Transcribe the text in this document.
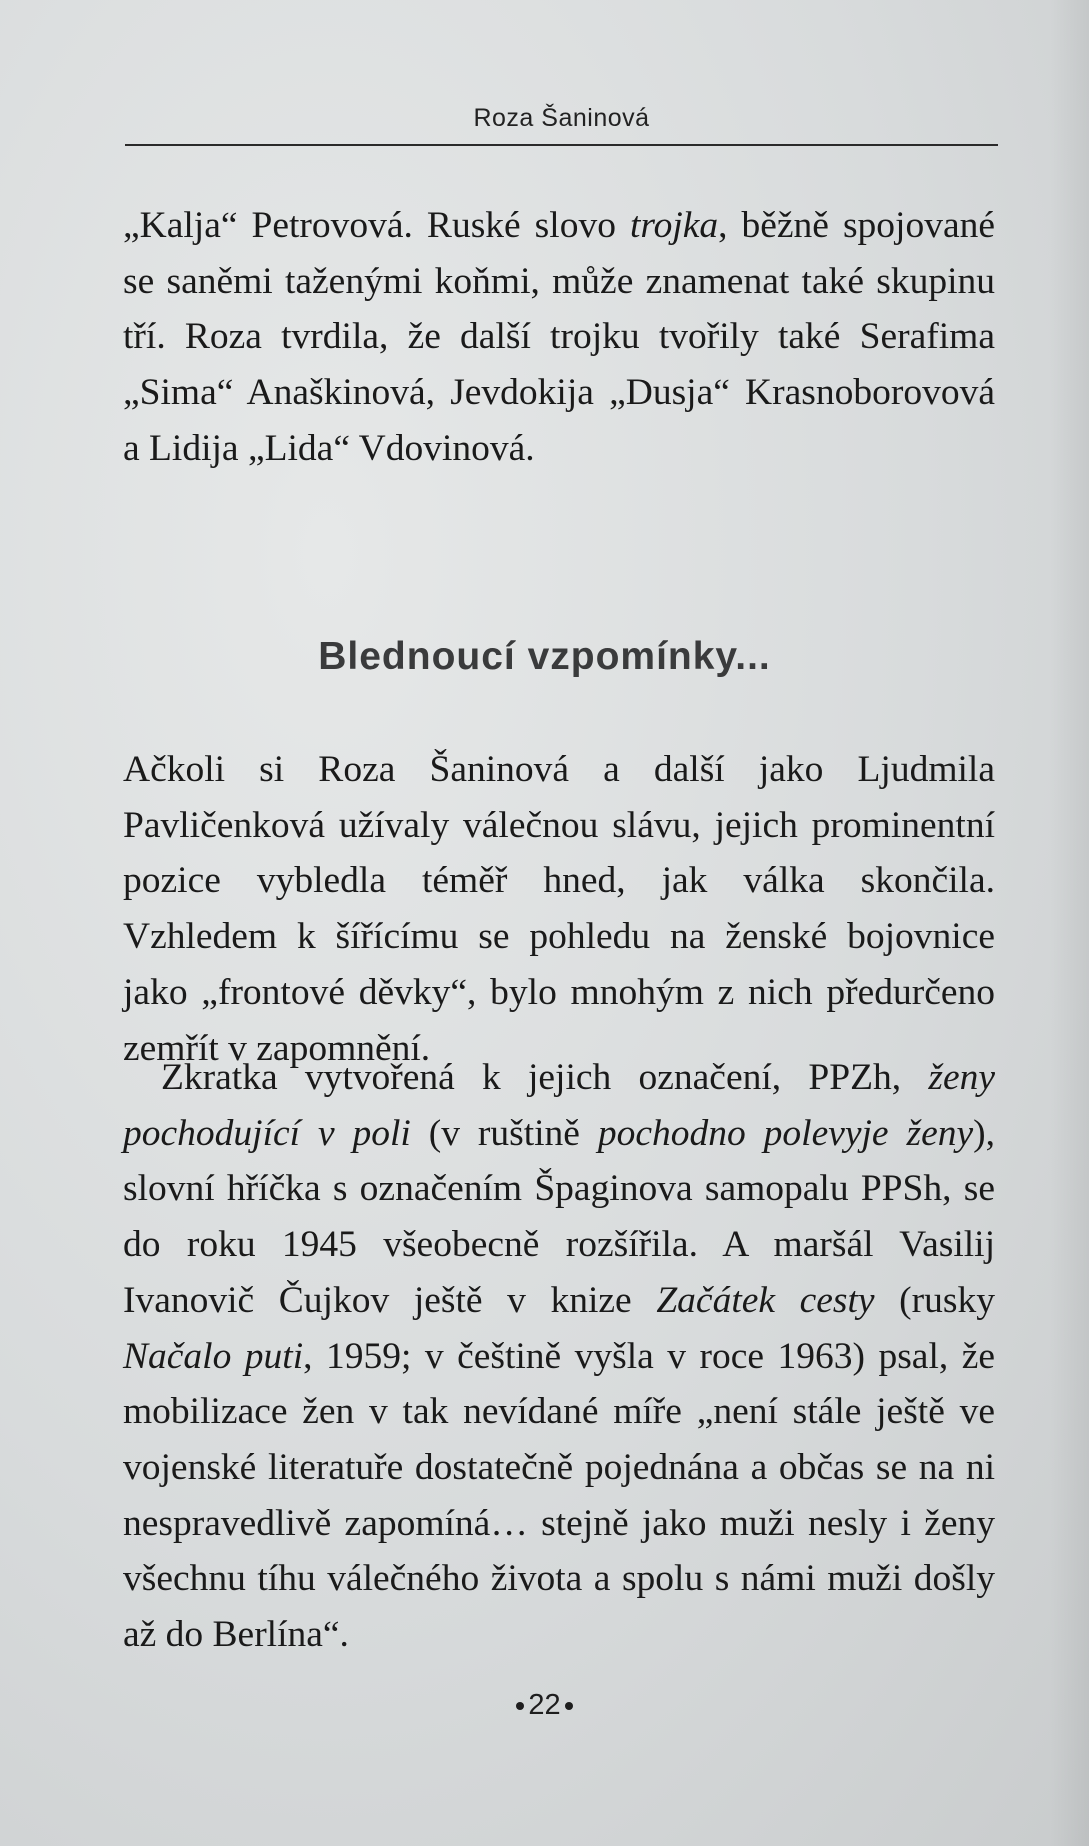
Roza Šaninová

„Kalja“ Petrovová. Ruské slovo trojka, běžně spojované se saněmi taženými koňmi, může znamenat také skupinu tří. Roza tvrdila, že další trojku tvořily také Serafima „Sima“ Anaškinová, Jevdokija „Dusja“ Krasnoborovová a Lidija „Lida“ Vdovinová.

Blednoucí vzpomínky...

Ačkoli si Roza Šaninová a další jako Ljudmila Pavličenková užívaly válečnou slávu, jejich prominentní pozice vybledla téměř hned, jak válka skončila. Vzhledem k šířícímu se pohledu na ženské bojovnice jako „frontové děvky“, bylo mnohým z nich předurčeno zemřít v zapomnění.

Zkratka vytvořená k jejich označení, PPZh, ženy pochodující v poli (v ruštině pochodno polevyje ženy), slovní hříčka s označením Špaginova samopalu PPSh, se do roku 1945 všeobecně rozšířila. A maršál Vasilij Ivanovič Čujkov ještě v knize Začátek cesty (rusky Načalo puti, 1959; v češtině vyšla v roce 1963) psal, že mobilizace žen v tak nevídané míře „není stále ještě ve vojenské literatuře dostatečně pojednána a občas se na ni nespravedlivě zapomíná… stejně jako muži nesly i ženy všechnu tíhu válečného života a spolu s námi muži došly až do Berlína“.

22
